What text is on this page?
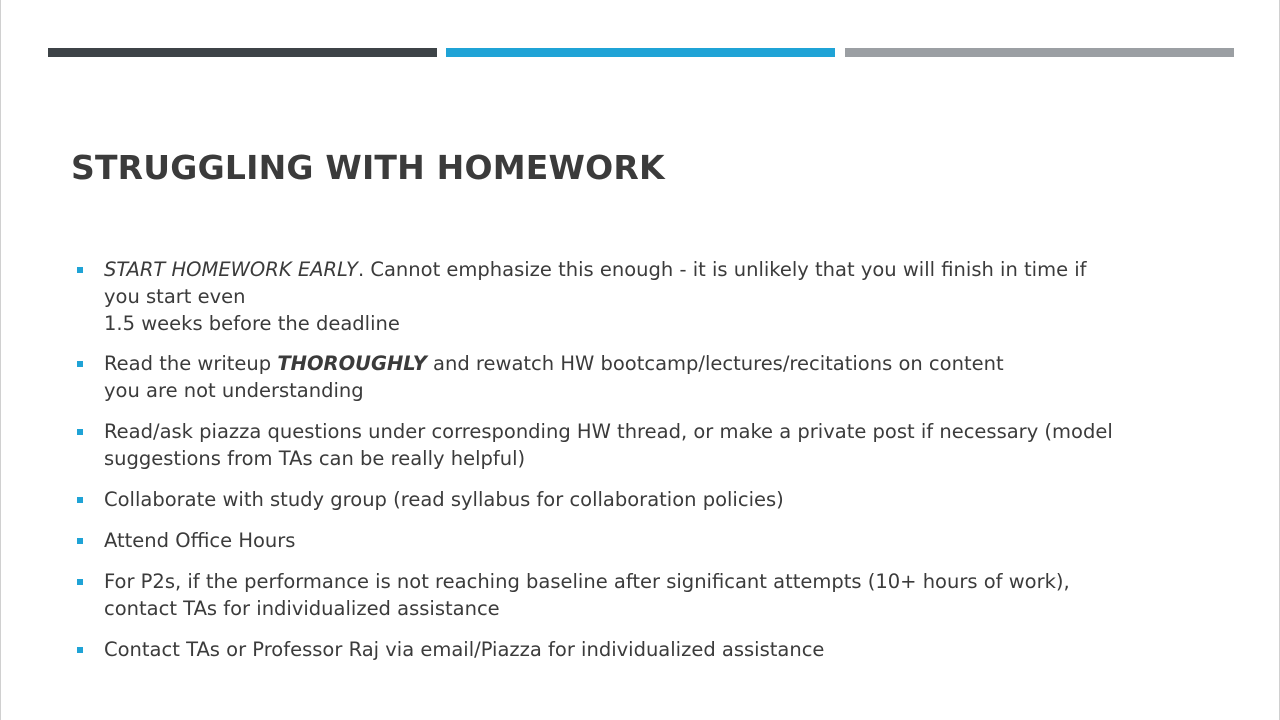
STRUGGLING WITH HOMEWORK
START HOMEWORK EARLY. Cannot emphasize this enough - it is unlikely that you will finish in time if
you start even
1.5 weeks before the deadline
Read the writeup THOROUGHLY and rewatch HW bootcamp/lectures/recitations on content
you are not understanding
Read/ask piazza questions under corresponding HW thread, or make a private post if necessary (model
suggestions from TAs can be really helpful)
Collaborate with study group (read syllabus for collaboration policies)
Attend Office Hours
For P2s, if the performance is not reaching baseline after significant attempts (10+ hours of work),
contact TAs for individualized assistance
Contact TAs or Professor Raj via email/Piazza for individualized assistance
